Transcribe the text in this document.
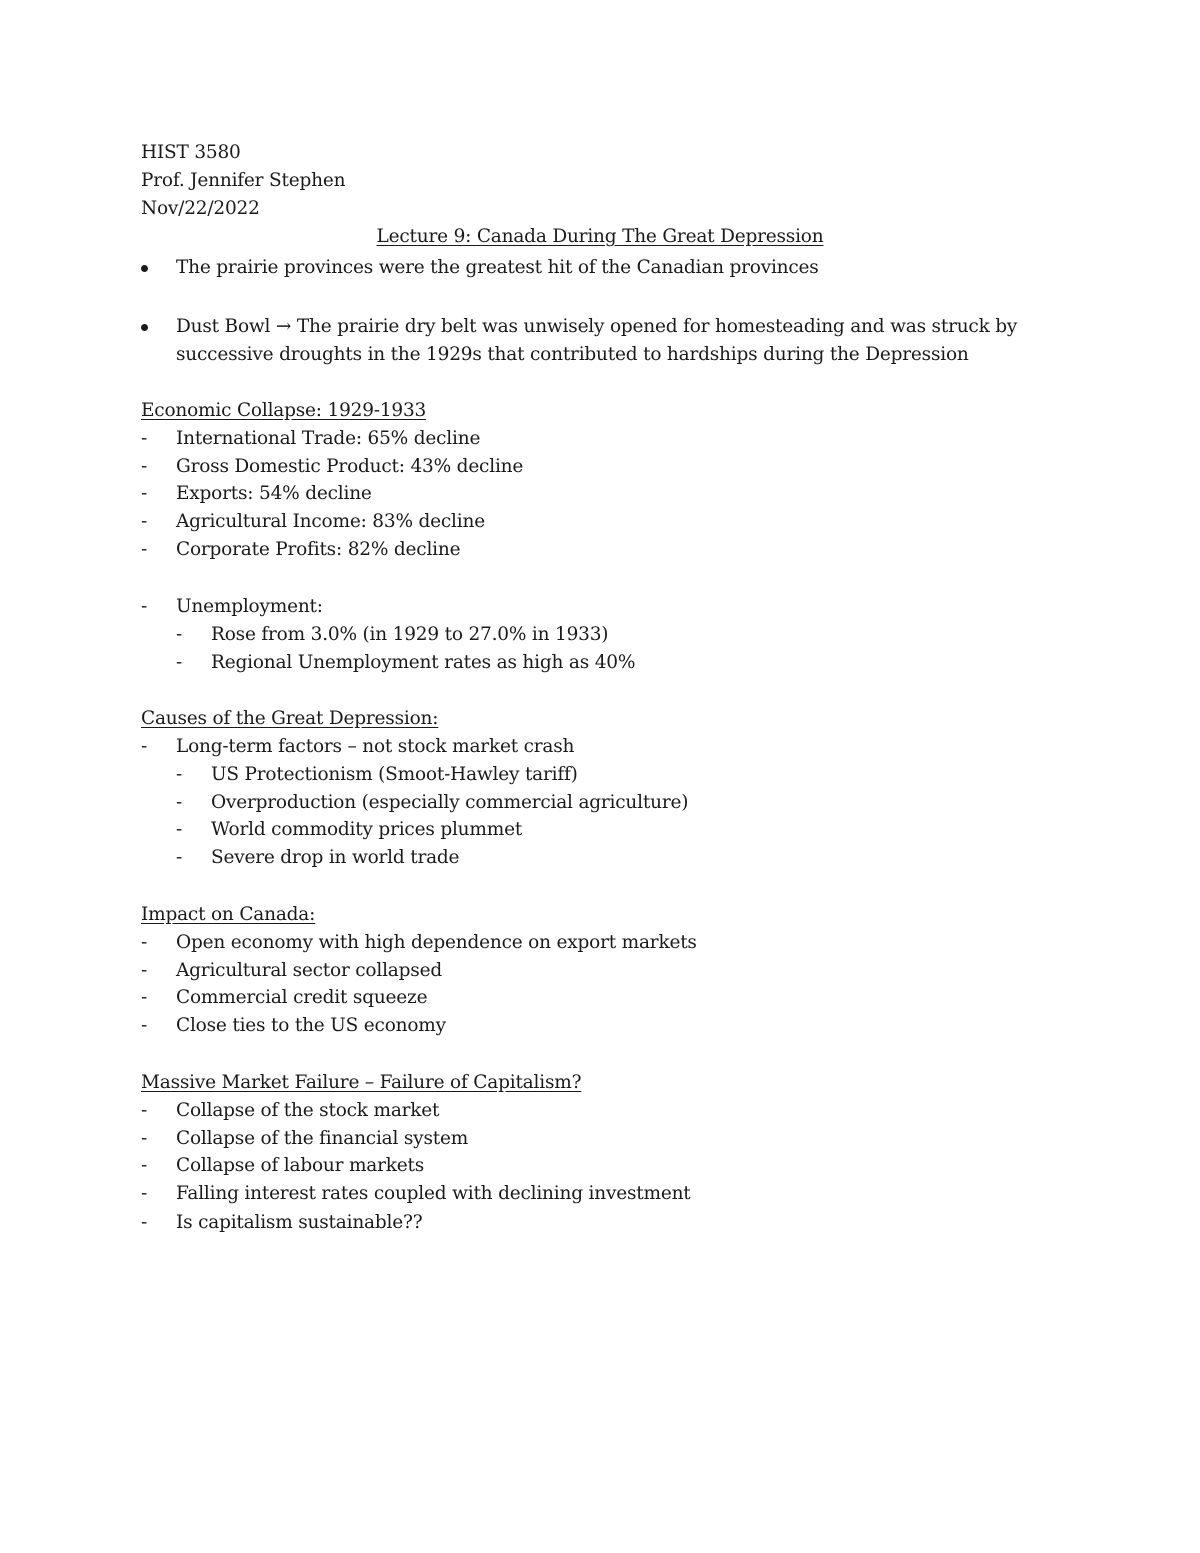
HIST 3580
Prof. Jennifer Stephen
Nov/22/2022
Lecture 9: Canada During The Great Depression
The prairie provinces were the greatest hit of the Canadian provinces
Dust Bowl → The prairie dry belt was unwisely opened for homesteading and was struck by
successive droughts in the 1929s that contributed to hardships during the Depression
Economic Collapse: 1929-1933
- International Trade: 65% decline
- Gross Domestic Product: 43% decline
- Exports: 54% decline
- Agricultural Income: 83% decline
- Corporate Profits: 82% decline
- Unemployment:
- Rose from 3.0% (in 1929 to 27.0% in 1933)
- Regional Unemployment rates as high as 40%
Causes of the Great Depression:
- Long-term factors – not stock market crash
- US Protectionism (Smoot-Hawley tariff)
- Overproduction (especially commercial agriculture)
- World commodity prices plummet
- Severe drop in world trade
Impact on Canada:
- Open economy with high dependence on export markets
- Agricultural sector collapsed
- Commercial credit squeeze
- Close ties to the US economy
Massive Market Failure – Failure of Capitalism?
- Collapse of the stock market
- Collapse of the financial system
- Collapse of labour markets
- Falling interest rates coupled with declining investment
- Is capitalism sustainable??
